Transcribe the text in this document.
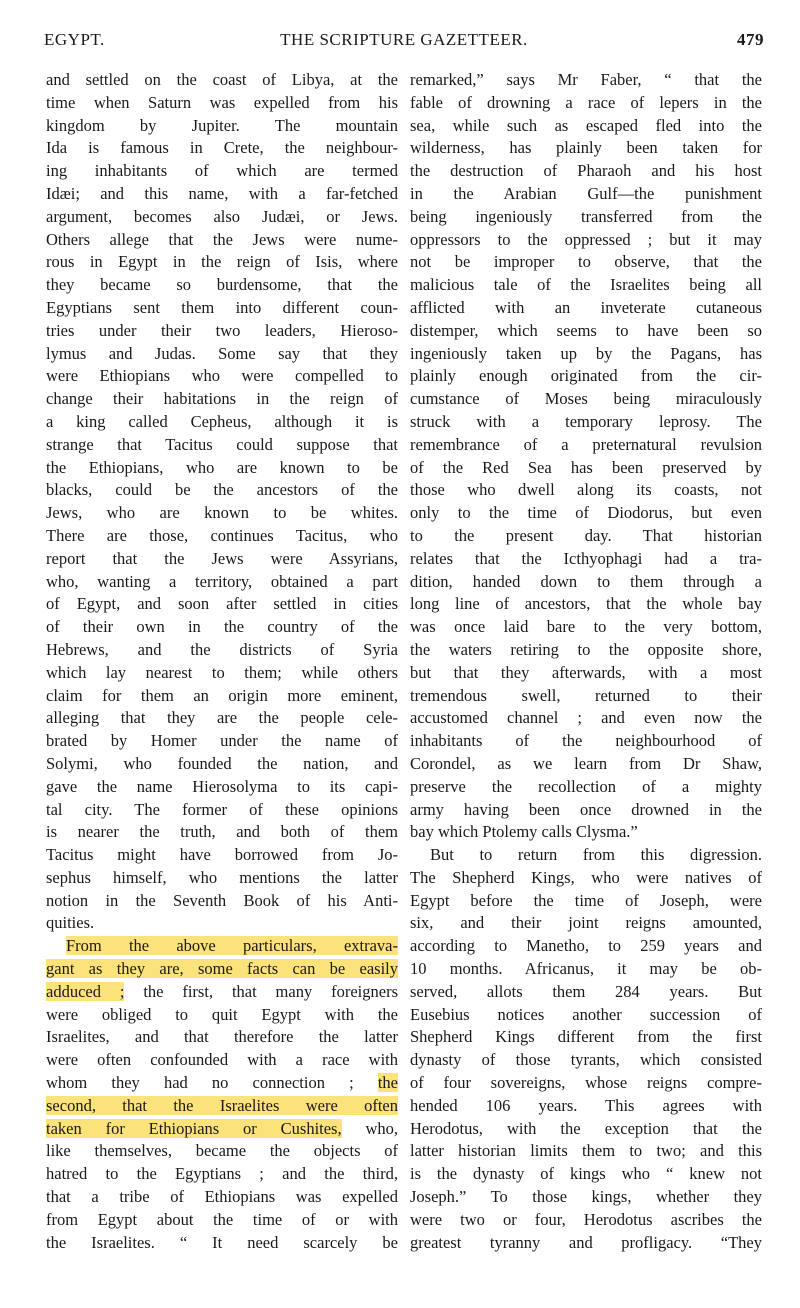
EGYPT.	THE SCRIPTURE GAZETTEER.	479
and settled on the coast of Libya, at the
time when Saturn was expelled from his
kingdom by Jupiter. The mountain
Ida is famous in Crete, the neighbour-
ing inhabitants of which are termed
Idæi; and this name, with a far-fetched
argument, becomes also Judæi, or Jews.
Others allege that the Jews were nume-
rous in Egypt in the reign of Isis, where
they became so burdensome, that the
Egyptians sent them into different coun-
tries under their two leaders, Hieroso-
lymus and Judas. Some say that they
were Ethiopians who were compelled to
change their habitations in the reign of
a king called Cepheus, although it is
strange that Tacitus could suppose that
the Ethiopians, who are known to be
blacks, could be the ancestors of the
Jews, who are known to be whites.
There are those, continues Tacitus, who
report that the Jews were Assyrians,
who, wanting a territory, obtained a part
of Egypt, and soon after settled in cities
of their own in the country of the
Hebrews, and the districts of Syria
which lay nearest to them; while others
claim for them an origin more eminent,
alleging that they are the people cele-
brated by Homer under the name of
Solymi, who founded the nation, and
gave the name Hierosolyma to its capi-
tal city. The former of these opinions
is nearer the truth, and both of them
Tacitus might have borrowed from Jo-
sephus himself, who mentions the latter
notion in the Seventh Book of his Anti-
quities.
From the above particulars, extrava-
gant as they are, some facts can be easily
adduced ; the first, that many foreigners
were obliged to quit Egypt with the
Israelites, and that therefore the latter
were often confounded with a race with
whom they had no connection ; the
second, that the Israelites were often
taken for Ethiopians or Cushites, who,
like themselves, became the objects of
hatred to the Egyptians ; and the third,
that a tribe of Ethiopians was expelled
from Egypt about the time of or with
the Israelites. “ It need scarcely be
remarked,” says Mr Faber, “ that the
fable of drowning a race of lepers in the
sea, while such as escaped fled into the
wilderness, has plainly been taken for
the destruction of Pharaoh and his host
in the Arabian Gulf—the punishment
being ingeniously transferred from the
oppressors to the oppressed ; but it may
not be improper to observe, that the
malicious tale of the Israelites being all
afflicted with an inveterate cutaneous
distemper, which seems to have been so
ingeniously taken up by the Pagans, has
plainly enough originated from the cir-
cumstance of Moses being miraculously
struck with a temporary leprosy. The
remembrance of a preternatural revulsion
of the Red Sea has been preserved by
those who dwell along its coasts, not
only to the time of Diodorus, but even
to the present day. That historian
relates that the Icthyophagi had a tra-
dition, handed down to them through a
long line of ancestors, that the whole bay
was once laid bare to the very bottom,
the waters retiring to the opposite shore,
but that they afterwards, with a most
tremendous swell, returned to their
accustomed channel ; and even now the
inhabitants of the neighbourhood of
Corondel, as we learn from Dr Shaw,
preserve the recollection of a mighty
army having been once drowned in the
bay which Ptolemy calls Clysma.”
But to return from this digression.
The Shepherd Kings, who were natives of
Egypt before the time of Joseph, were
six, and their joint reigns amounted,
according to Manetho, to 259 years and
10 months. Africanus, it may be ob-
served, allots them 284 years. But
Eusebius notices another succession of
Shepherd Kings different from the first
dynasty of those tyrants, which consisted
of four sovereigns, whose reigns compre-
hended 106 years. This agrees with
Herodotus, with the exception that the
latter historian limits them to two; and this
is the dynasty of kings who “ knew not
Joseph.” To those kings, whether they
were two or four, Herodotus ascribes the
greatest tyranny and profligacy. “They
